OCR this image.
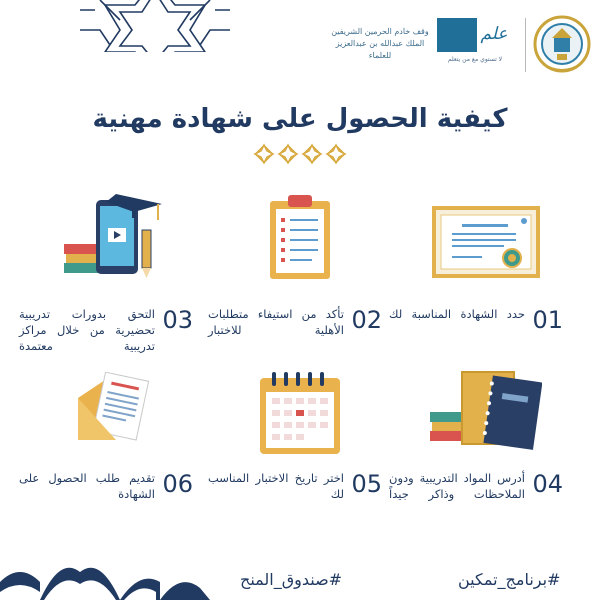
علم
لا تستوي مع من يتعلم
وقف خادم الحرمين الشريفين الملك عبدالله بن عبدالعزيز للعلماء
كيفية الحصول على شهادة مهنية
01
حدد الشهادة المناسبة لك
02
تأكد من استيفاء متطلبات الأهلية للاختبار
03
التحق بدورات تدريبية تحضيرية من خلال مراكز تدريبية معتمدة
04
أدرس المواد التدريبية ودون الملاحظات وذاكر جيداً
05
اختر تاريخ الاختبار المناسب لك
06
تقديم طلب الحصول على الشهادة
#صندوق_المنح	#برنامج_تمكين
